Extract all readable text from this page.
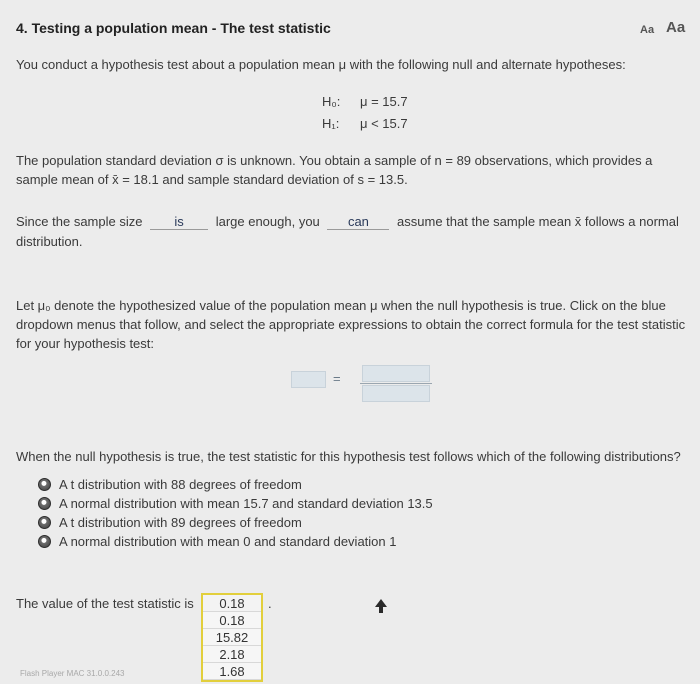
4. Testing a population mean - The test statistic	Aa Aa
You conduct a hypothesis test about a population mean μ with the following null and alternate hypotheses:
H₀: μ = 15.7
H₁: μ < 15.7
The population standard deviation σ is unknown. You obtain a sample of n = 89 observations, which provides a sample mean of x̄ = 18.1 and sample standard deviation of s = 13.5.
Since the sample size is large enough, you can assume that the sample mean x̄ follows a normal
distribution.
Let μ₀ denote the hypothesized value of the population mean μ when the null hypothesis is true. Click on the blue dropdown menus that follow, and select the appropriate expressions to obtain the correct formula for the test statistic for your hypothesis test:
=
When the null hypothesis is true, the test statistic for this hypothesis test follows which of the following distributions?
A t distribution with 88 degrees of freedom
A normal distribution with mean 15.7 and standard deviation 13.5
A t distribution with 89 degrees of freedom
A normal distribution with mean 0 and standard deviation 1
The value of the test statistic is	0.18
0.18
15.82
2.18
1.68
.
Flash Player MAC 31.0.0.243
